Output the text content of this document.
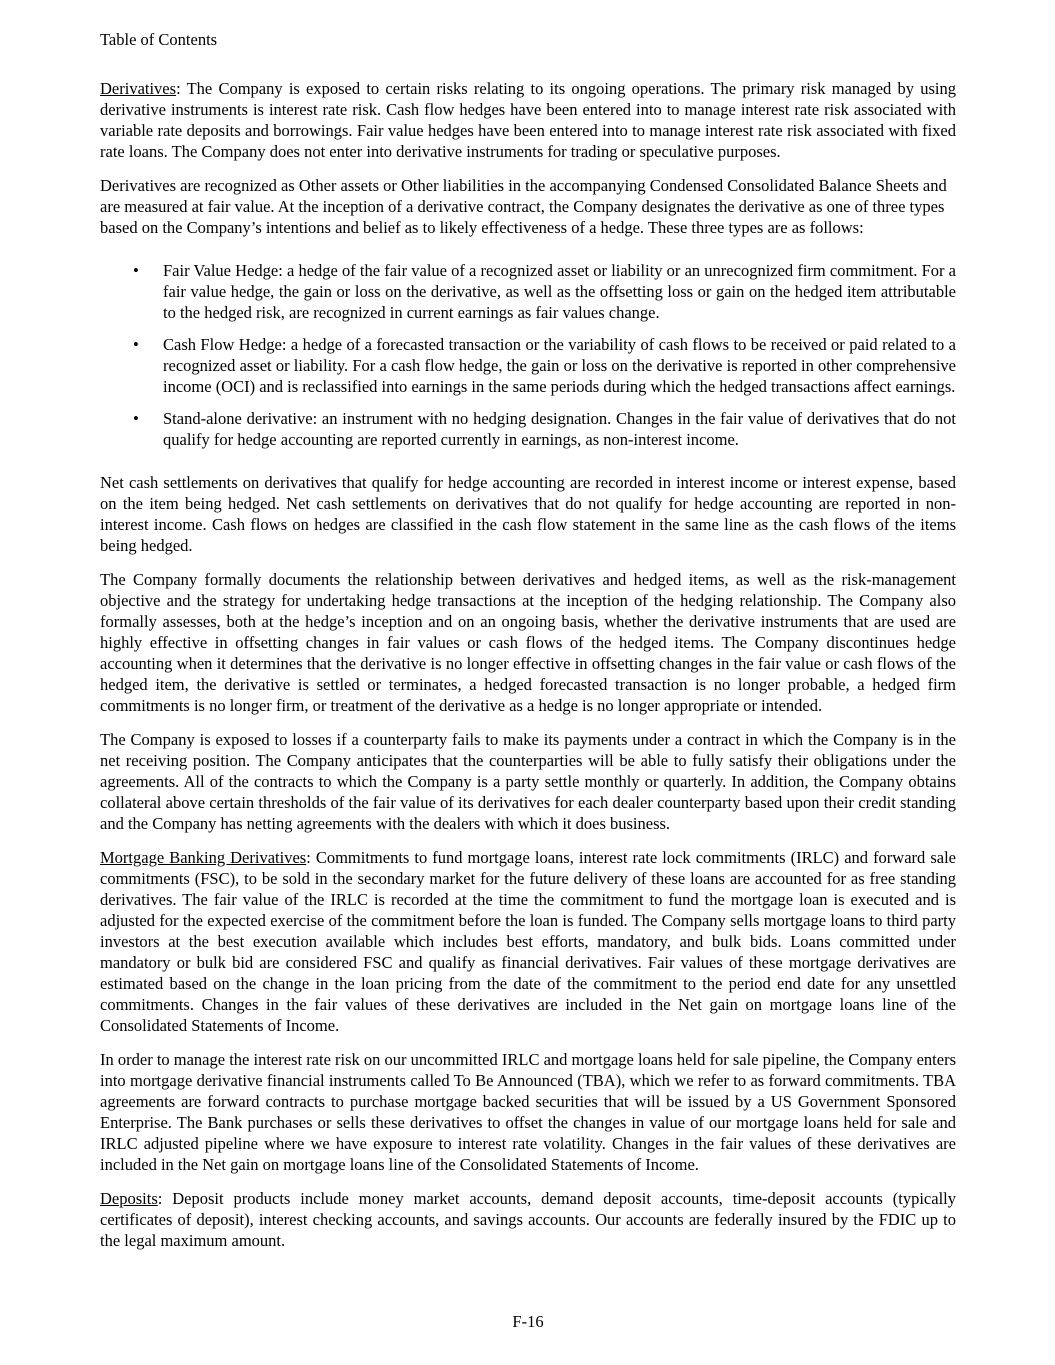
Table of Contents

Derivatives: The Company is exposed to certain risks relating to its ongoing operations. The primary risk managed by using derivative instruments is interest rate risk. Cash flow hedges have been entered into to manage interest rate risk associated with variable rate deposits and borrowings. Fair value hedges have been entered into to manage interest rate risk associated with fixed rate loans. The Company does not enter into derivative instruments for trading or speculative purposes.

Derivatives are recognized as Other assets or Other liabilities in the accompanying Condensed Consolidated Balance Sheets and are measured at fair value. At the inception of a derivative contract, the Company designates the derivative as one of three types based on the Company’s intentions and belief as to likely effectiveness of a hedge. These three types are as follows:

• Fair Value Hedge: a hedge of the fair value of a recognized asset or liability or an unrecognized firm commitment. For a fair value hedge, the gain or loss on the derivative, as well as the offsetting loss or gain on the hedged item attributable to the hedged risk, are recognized in current earnings as fair values change.
• Cash Flow Hedge: a hedge of a forecasted transaction or the variability of cash flows to be received or paid related to a recognized asset or liability. For a cash flow hedge, the gain or loss on the derivative is reported in other comprehensive income (OCI) and is reclassified into earnings in the same periods during which the hedged transactions affect earnings.
• Stand-alone derivative: an instrument with no hedging designation. Changes in the fair value of derivatives that do not qualify for hedge accounting are reported currently in earnings, as non-interest income.

Net cash settlements on derivatives that qualify for hedge accounting are recorded in interest income or interest expense, based on the item being hedged. Net cash settlements on derivatives that do not qualify for hedge accounting are reported in non-interest income. Cash flows on hedges are classified in the cash flow statement in the same line as the cash flows of the items being hedged.

The Company formally documents the relationship between derivatives and hedged items, as well as the risk-management objective and the strategy for undertaking hedge transactions at the inception of the hedging relationship. The Company also formally assesses, both at the hedge’s inception and on an ongoing basis, whether the derivative instruments that are used are highly effective in offsetting changes in fair values or cash flows of the hedged items. The Company discontinues hedge accounting when it determines that the derivative is no longer effective in offsetting changes in the fair value or cash flows of the hedged item, the derivative is settled or terminates, a hedged forecasted transaction is no longer probable, a hedged firm commitments is no longer firm, or treatment of the derivative as a hedge is no longer appropriate or intended.

The Company is exposed to losses if a counterparty fails to make its payments under a contract in which the Company is in the net receiving position. The Company anticipates that the counterparties will be able to fully satisfy their obligations under the agreements. All of the contracts to which the Company is a party settle monthly or quarterly. In addition, the Company obtains collateral above certain thresholds of the fair value of its derivatives for each dealer counterparty based upon their credit standing and the Company has netting agreements with the dealers with which it does business.

Mortgage Banking Derivatives: Commitments to fund mortgage loans, interest rate lock commitments (IRLC) and forward sale commitments (FSC), to be sold in the secondary market for the future delivery of these loans are accounted for as free standing derivatives. The fair value of the IRLC is recorded at the time the commitment to fund the mortgage loan is executed and is adjusted for the expected exercise of the commitment before the loan is funded. The Company sells mortgage loans to third party investors at the best execution available which includes best efforts, mandatory, and bulk bids. Loans committed under mandatory or bulk bid are considered FSC and qualify as financial derivatives. Fair values of these mortgage derivatives are estimated based on the change in the loan pricing from the date of the commitment to the period end date for any unsettled commitments. Changes in the fair values of these derivatives are included in the Net gain on mortgage loans line of the Consolidated Statements of Income.

In order to manage the interest rate risk on our uncommitted IRLC and mortgage loans held for sale pipeline, the Company enters into mortgage derivative financial instruments called To Be Announced (TBA), which we refer to as forward commitments. TBA agreements are forward contracts to purchase mortgage backed securities that will be issued by a US Government Sponsored Enterprise. The Bank purchases or sells these derivatives to offset the changes in value of our mortgage loans held for sale and IRLC adjusted pipeline where we have exposure to interest rate volatility. Changes in the fair values of these derivatives are included in the Net gain on mortgage loans line of the Consolidated Statements of Income.

Deposits: Deposit products include money market accounts, demand deposit accounts, time-deposit accounts (typically certificates of deposit), interest checking accounts, and savings accounts. Our accounts are federally insured by the FDIC up to the legal maximum amount.

F-16
